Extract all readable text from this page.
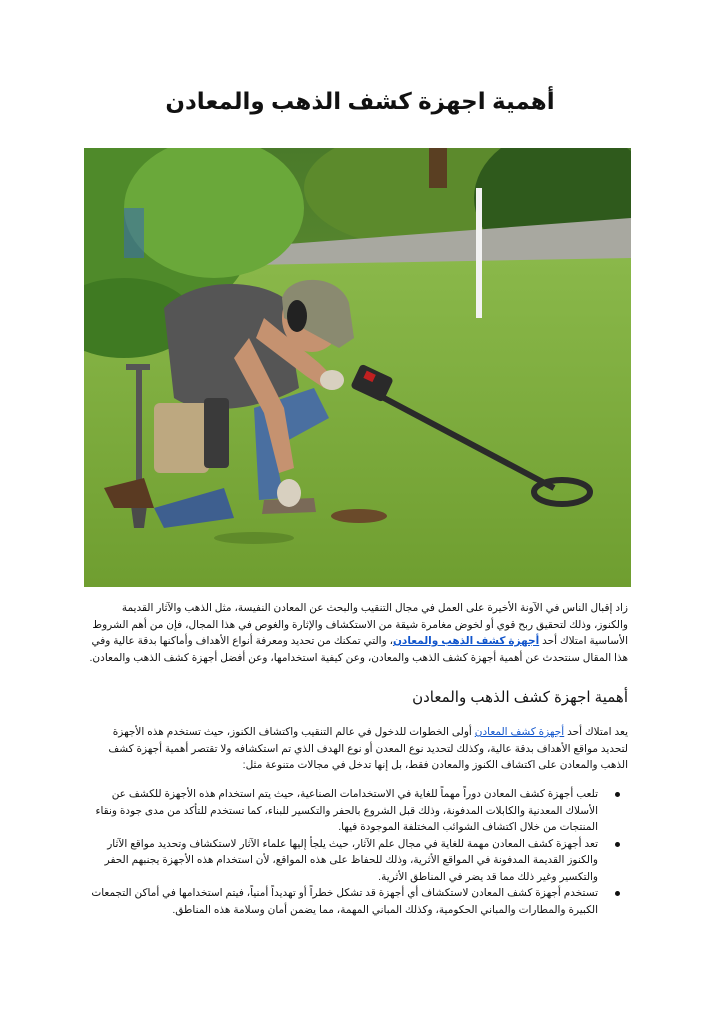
أهمية اجهزة كشف الذهب والمعادن

زاد إقبال الناس في الآونة الأخيرة على العمل في مجال التنقيب والبحث عن المعادن النفيسة، مثل الذهب والآثار القديمة والكنوز، وذلك لتحقيق ربح قوي أو لخوض مغامرة شيقة من الاستكشاف والإثارة والغوص في هذا المجال، فإن من أهم الشروط الأساسية امتلاك أحد أجهزة كشف الذهب والمعادن، والتي تمكنك من تحديد ومعرفة أنواع الأهداف وأماكنها بدقة عالية وفي هذا المقال سنتحدث عن أهمية أجهزة كشف الذهب والمعادن، وعن كيفية استخدامها، وعن أفضل أجهزة كشف الذهب والمعادن.

أهمية اجهزة كشف الذهب والمعادن

يعد امتلاك أحد أجهزة كشف المعادن أولى الخطوات للدخول في عالم التنقيب واكتشاف الكنوز، حيث تستخدم هذه الأجهزة لتحديد مواقع الأهداف بدقة عالية، وكذلك لتحديد نوع المعدن أو نوع الهدف الذي تم استكشافه ولا تقتصر أهمية أجهزة كشف الذهب والمعادن على اكتشاف الكنوز والمعادن فقط، بل إنها تدخل في مجالات متنوعة مثل:

تلعب أجهزة كشف المعادن دوراً مهماً للغاية في الاستخدامات الصناعية، حيث يتم استخدام هذه الأجهزة للكشف عن الأسلاك المعدنية والكابلات المدفونة، وذلك قبل الشروع بالحفر والتكسير للبناء، كما تستخدم للتأكد من مدى جودة ونقاء المنتجات من خلال اكتشاف الشوائب المختلفة الموجودة فيها.
تعد أجهزة كشف المعادن مهمة للغاية في مجال علم الآثار، حيث يلجأ إليها علماء الآثار لاستكشاف وتحديد مواقع الآثار والكنوز القديمة المدفونة في المواقع الأثرية، وذلك للحفاظ على هذه المواقع، لأن استخدام هذه الأجهزة يجنبهم الحفر والتكسير وغير ذلك مما قد يضر في المناطق الأثرية.
تستخدم أجهزة كشف المعادن لاستكشاف أي أجهزة قد تشكل خطراً أو تهديداً أمنياً، فيتم استخدامها في أماكن التجمعات الكبيرة والمطارات والمباني الحكومية، وكذلك المباني المهمة، مما يضمن أمان وسلامة هذه المناطق.
